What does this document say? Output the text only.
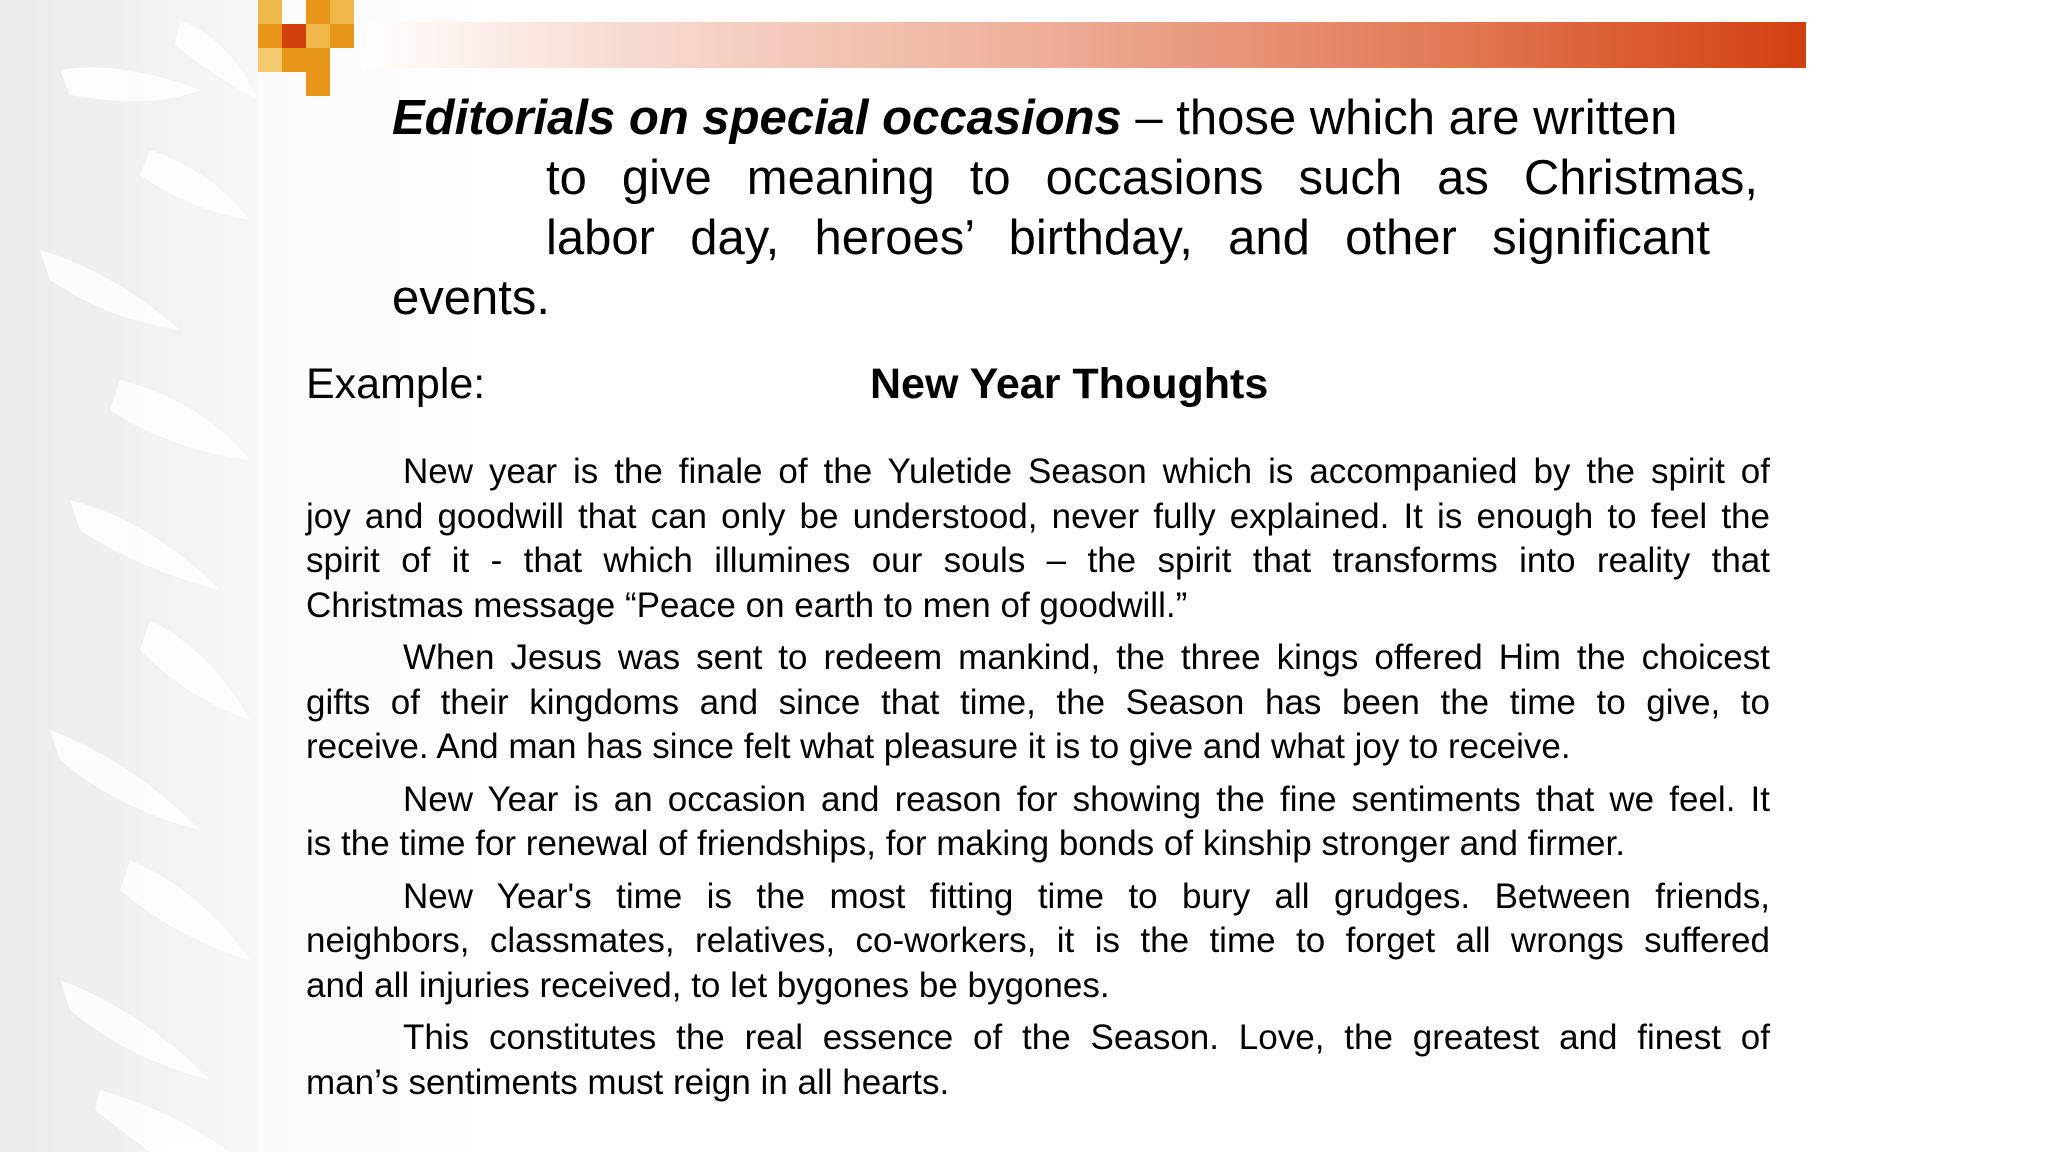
Editorials on special occasions – those which are written
to give meaning to occasions such as Christmas,
labor day, heroes’ birthday, and other significant
events.
Example:	New Year Thoughts
New year is the finale of the Yuletide Season which is accompanied by the spirit of
joy and goodwill that can only be understood, never fully explained. It is enough to feel the
spirit of it - that which illumines our souls – the spirit that transforms into reality that
Christmas message “Peace on earth to men of goodwill.”
When Jesus was sent to redeem mankind, the three kings offered Him the choicest
gifts of their kingdoms and since that time, the Season has been the time to give, to
receive. And man has since felt what pleasure it is to give and what joy to receive.
New Year is an occasion and reason for showing the fine sentiments that we feel. It
is the time for renewal of friendships, for making bonds of kinship stronger and firmer.
New Year's time is the most fitting time to bury all grudges. Between friends,
neighbors, classmates, relatives, co-workers, it is the time to forget all wrongs suffered
and all injuries received, to let bygones be bygones.
This constitutes the real essence of the Season. Love, the greatest and finest of
man’s sentiments must reign in all hearts.
